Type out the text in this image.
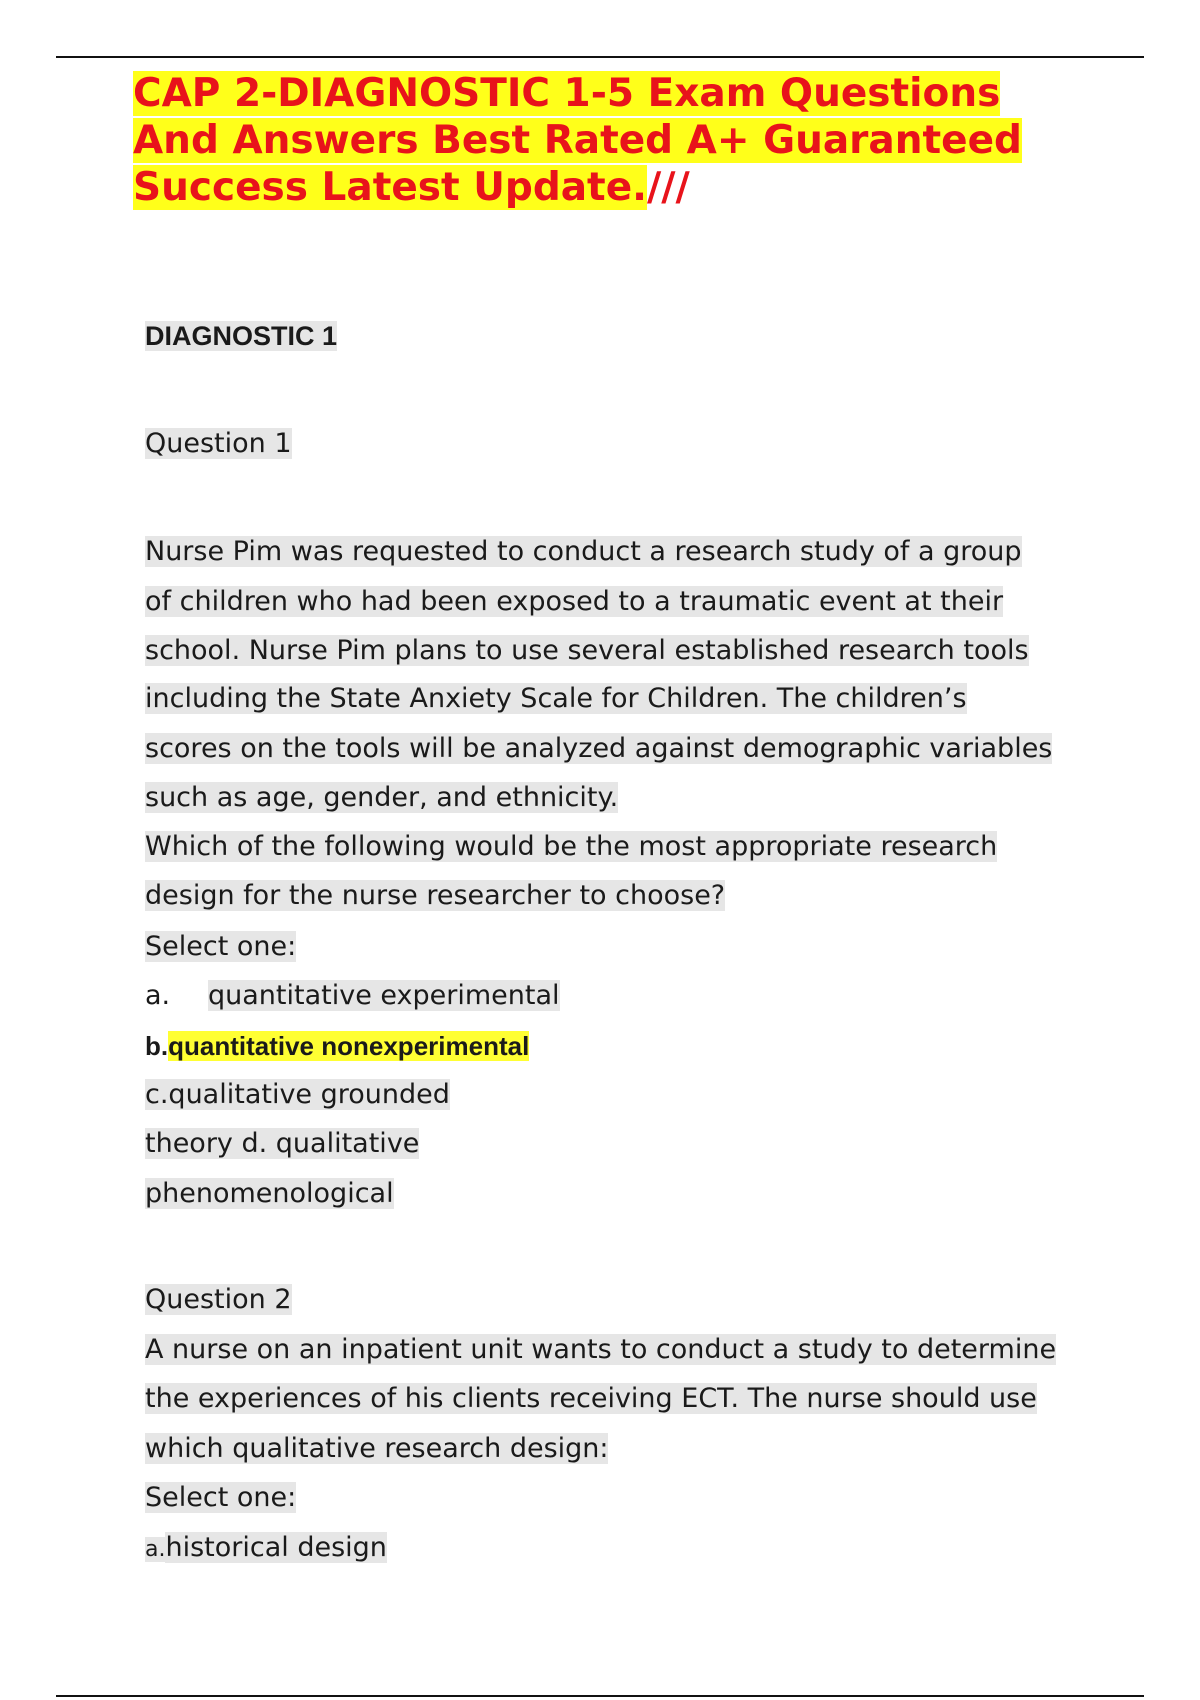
CAP 2-DIAGNOSTIC 1-5 Exam Questions And Answers Best Rated A+ Guaranteed Success Latest Update.///
DIAGNOSTIC 1

Question 1

Nurse Pim was requested to conduct a research study of a group

of children who had been exposed to a traumatic event at their

school. Nurse Pim plans to use several established research tools

including the State Anxiety Scale for Children. The children’s

scores on the tools will be analyzed against demographic variables

such as age, gender, and ethnicity.

Which of the following would be the most appropriate research

design for the nurse researcher to choose?

Select one:

a. quantitative experimental

b.quantitative nonexperimental

c.qualitative grounded

theory d. qualitative

phenomenological

Question 2

A nurse on an inpatient unit wants to conduct a study to determine

the experiences of his clients receiving ECT. The nurse should use

which qualitative research design:

Select one:

a.historical design
